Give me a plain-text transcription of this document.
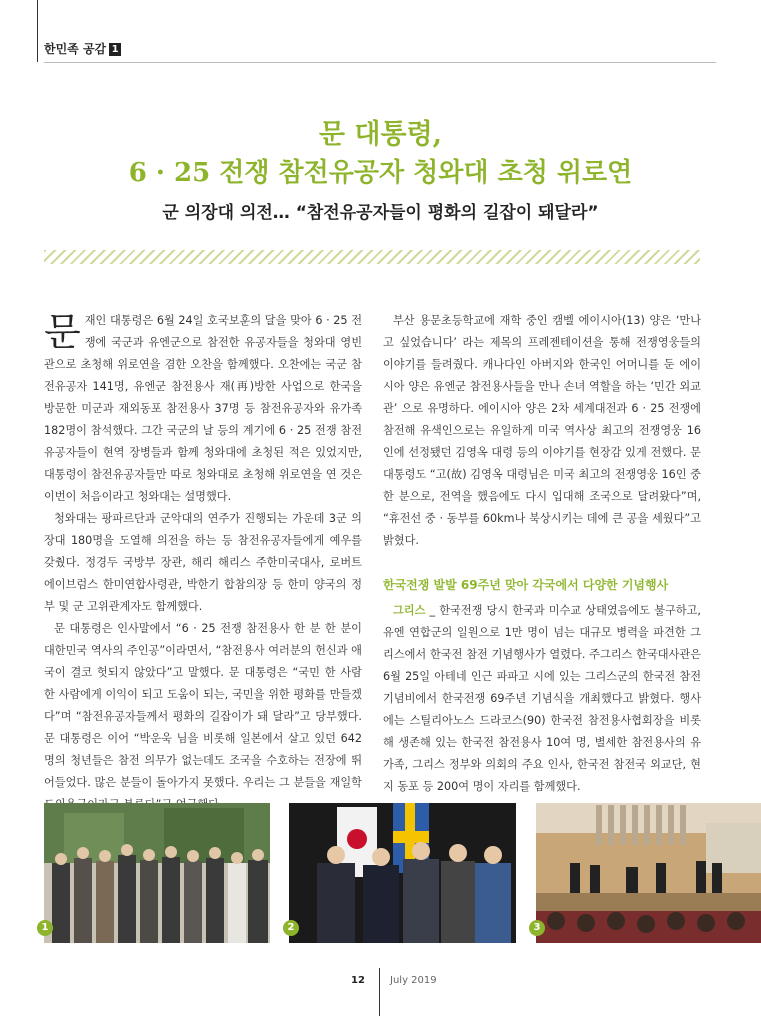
한민족 공감 1
문 대통령,
6 · 25 전쟁 참전유공자 청와대 초청 위로연
군 의장대 의전… “참전유공자들이 평화의 길잡이 돼달라”

문재인 대통령은 6월 24일 호국보훈의 달을 맞아 6 · 25 전쟁에 국군과 유엔군으로 참전한 유공자들을 청와대 영빈관으로 초청해 위로연을 겸한 오찬을 함께했다. 오찬에는 국군 참전유공자 141명, 유엔군 참전용사 재(再)방한 사업으로 한국을 방문한 미군과 재외동포 참전용사 37명 등 참전유공자와 유가족 182명이 참석했다. 그간 국군의 날 등의 계기에 6 · 25 전쟁 참전유공자들이 현역 장병들과 함께 청와대에 초청된 적은 있었지만, 대통령이 참전유공자들만 따로 청와대로 초청해 위로연을 연 것은 이번이 처음이라고 청와대는 설명했다.

청와대는 팡파르단과 군악대의 연주가 진행되는 가운데 3군 의장대 180명을 도열해 의전을 하는 등 참전유공자들에게 예우를 갖췄다. 정경두 국방부 장관, 해리 해리스 주한미국대사, 로버트 에이브럼스 한미연합사령관, 박한기 합참의장 등 한미 양국의 정부 및 군 고위관계자도 함께했다.

문 대통령은 인사말에서 “6 · 25 전쟁 참전용사 한 분 한 분이 대한민국 역사의 주인공”이라면서, “참전용사 여러분의 헌신과 애국이 결코 헛되지 않았다”고 말했다. 문 대통령은 “국민 한 사람 한 사람에게 이익이 되고 도움이 되는, 국민을 위한 평화를 만들겠다”며 “참전유공자들께서 평화의 길잡이가 돼 달라”고 당부했다. 문 대통령은 이어 “박운욱 님을 비롯해 일본에서 살고 있던 642명의 청년들은 참전 의무가 없는데도 조국을 수호하는 전장에 뛰어들었다. 많은 분들이 돌아가지 못했다. 우리는 그 분들을 재일학

부산 용문초등학교에 재학 중인 캠벨 에이시아(13) 양은 ‘만나고 싶었습니다’ 라는 제목의 프레젠테이션을 통해 전쟁영웅들의 이야기를 들려줬다. 캐나다인 아버지와 한국인 어머니를 둔 에이시아 양은 유엔군 참전용사들을 만나 손녀 역할을 하는 ‘민간 외교관’ 으로 유명하다. 에이시아 양은 2차 세계대전과 6 · 25 전쟁에 참전해 유색인으로는 유일하게 미국 역사상 최고의 전쟁영웅 16인에 선정됐던 김영옥 대령 등의 이야기를 현장감 있게 전했다. 문 대통령도 “고(故) 김영옥 대령님은 미국 최고의 전쟁영웅 16인 중 한 분으로, 전역을 했음에도 다시 입대해 조국으로 달려왔다”며, “휴전선 중 · 동부를 60km나 북상시키는 데에 큰 공을 세웠다”고 밝혔다.

한국전쟁 발발 69주년 맞아 각국에서 다양한 기념행사

그리스 _ 한국전쟁 당시 한국과 미수교 상태였음에도 불구하고, 유엔 연합군의 일원으로 1만 명이 넘는 대규모 병력을 파견한 그리스에서 한국전 참전 기념행사가 열렸다. 주그리스 한국대사관은 6월 25일 아테네 인근 파파고 시에 있는 그리스군의 한국전 참전 기념비에서 한국전쟁 69주년 기념식을 개최했다고 밝혔다. 행사에는 스틸리아노스 드라코스(90) 한국전 참전용사협회장을 비롯해 생존해 있는 한국전 참전용사 10여 명, 별세한 참전용사의 유가족, 그리스 정부와 의회의 주요 인사, 한국전 참전국 외교단, 현지 동포 등 200여 명이 자리를 함께했다.

1	2	3
12	July 2019
